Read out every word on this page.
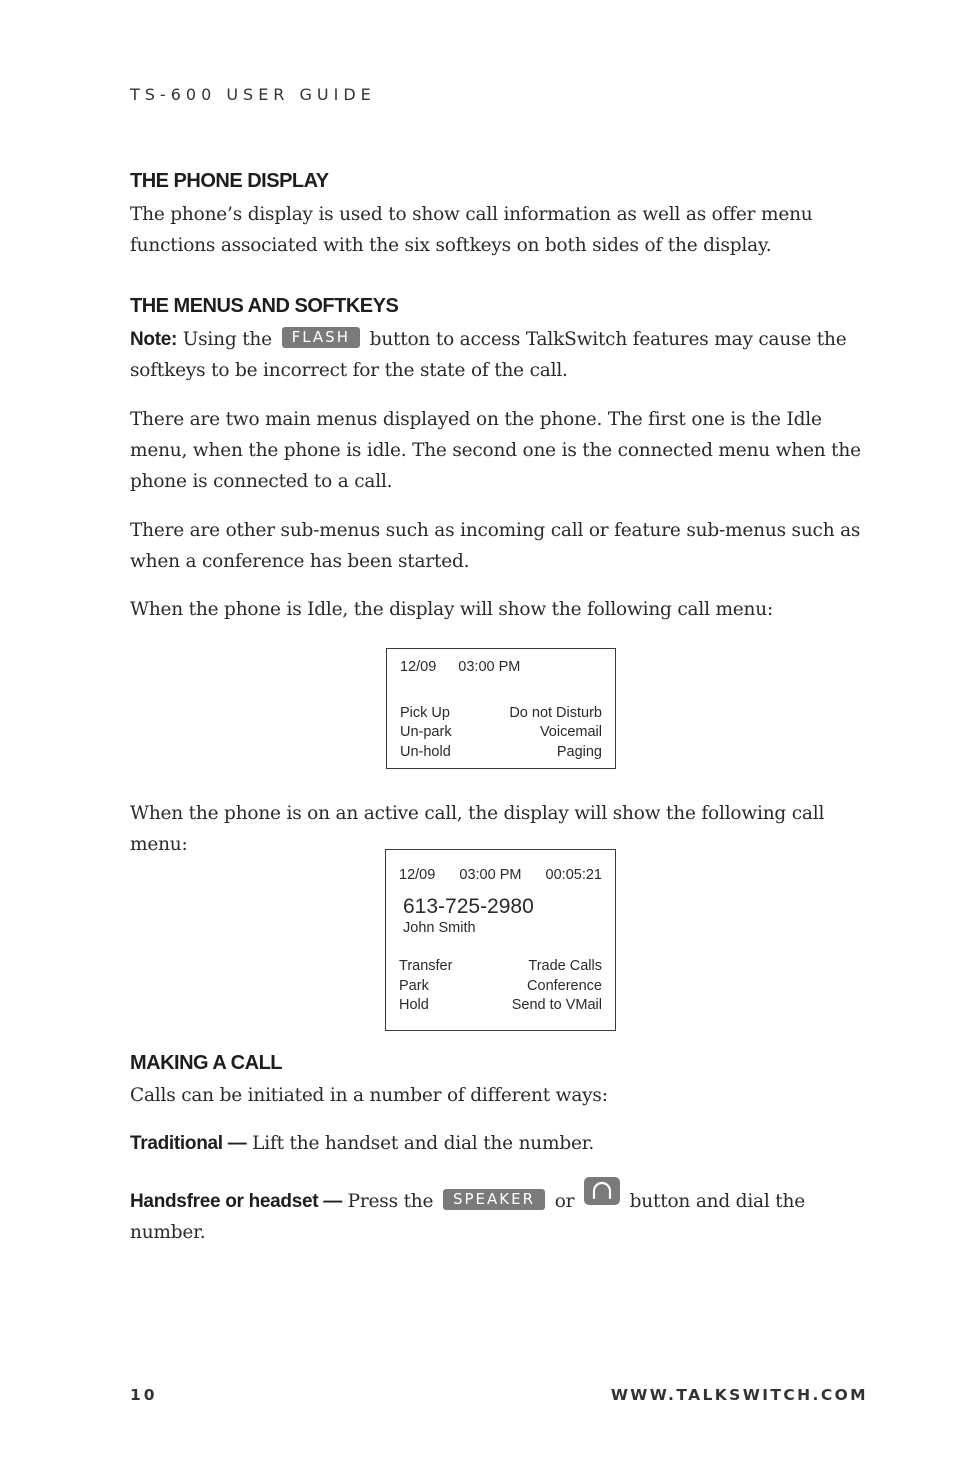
TS-600 USER GUIDE
THE PHONE DISPLAY

The phone’s display is used to show call information as well as offer menu functions associated with the six softkeys on both sides of the display.

THE MENUS AND SOFTKEYS

Note: Using the FLASH button to access TalkSwitch features may cause the softkeys to be incorrect for the state of the call.

There are two main menus displayed on the phone. The first one is the Idle menu, when the phone is idle. The second one is the connected menu when the phone is connected to a call.

There are other sub-menus such as incoming call or feature sub-menus such as when a conference has been started.

When the phone is Idle, the display will show the following call menu:

12/09 03:00 PM
Pick Up	Do not Disturb
Un-park	Voicemail
Un-hold	Paging

When the phone is on an active call, the display will show the following call menu:

12/09 03:00 PM 00:05:21
613-725-2980
John Smith
Transfer	Trade Calls
Park	Conference
Hold	Send to VMail
MAKING A CALL

Calls can be initiated in a number of different ways:

Traditional — Lift the handset and dial the number.

Handsfree or headset — Press the SPEAKER or	button and dial the number.

10	WWW.TALKSWITCH.COM
